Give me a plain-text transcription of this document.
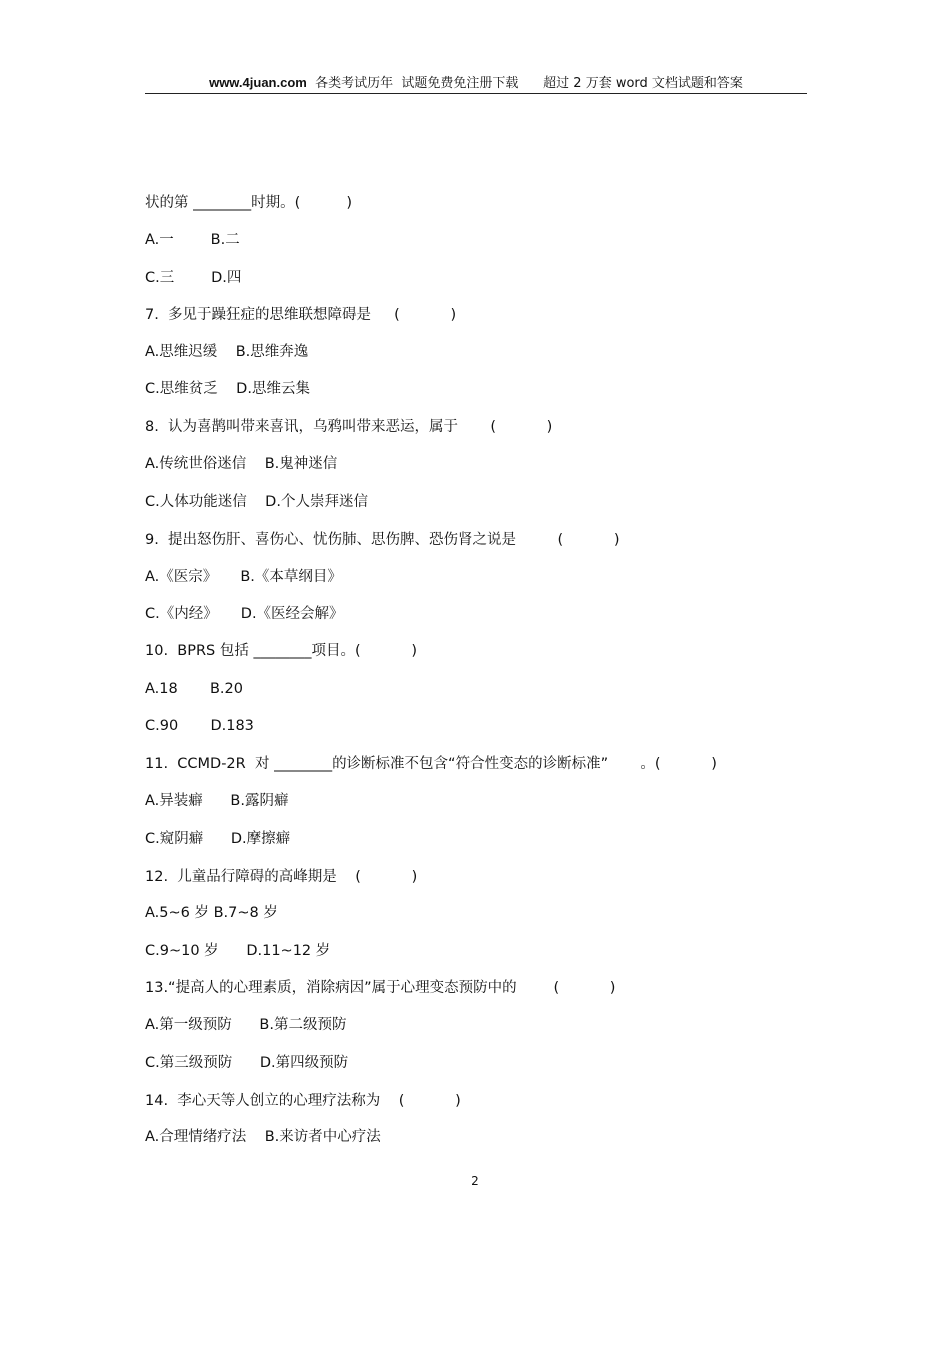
www.4juan.com  各类考试历年  试题免费免注册下载      超过 2 万套 word 文档试题和答案
状的第 ________时期。(          )
A.一        B.二
C.三        D.四
7.  多见于躁狂症的思维联想障碍是     (           )
A.思维迟缓    B.思维奔逸
C.思维贫乏    D.思维云集
8.  认为喜鹊叫带来喜讯，乌鸦叫带来恶运，属于       (           )
A.传统世俗迷信    B.鬼神迷信
C.人体功能迷信    D.个人崇拜迷信
9.  提出怒伤肝、喜伤心、忧伤肺、思伤脾、恐伤肾之说是         (           )
A.《医宗》     B.《本草纲目》
C.《内经》     D.《医经会解》
10.  BPRS 包括 ________项目。(           )
A.18       B.20
C.90       D.183
11.  CCMD-2R  对 ________的诊断标准不包含“符合性变态的诊断标准”       。(           )
A.异装癖      B.露阴癖
C.窥阴癖      D.摩擦癖
12.  儿童品行障碍的高峰期是    (           )
A.5~6 岁 B.7~8 岁
C.9~10 岁      D.11~12 岁
13.“提高人的心理素质，消除病因”属于心理变态预防中的        (           )
A.第一级预防      B.第二级预防
C.第三级预防      D.第四级预防
14.  李心天等人创立的心理疗法称为    (           )
A.合理情绪疗法    B.来访者中心疗法
2
